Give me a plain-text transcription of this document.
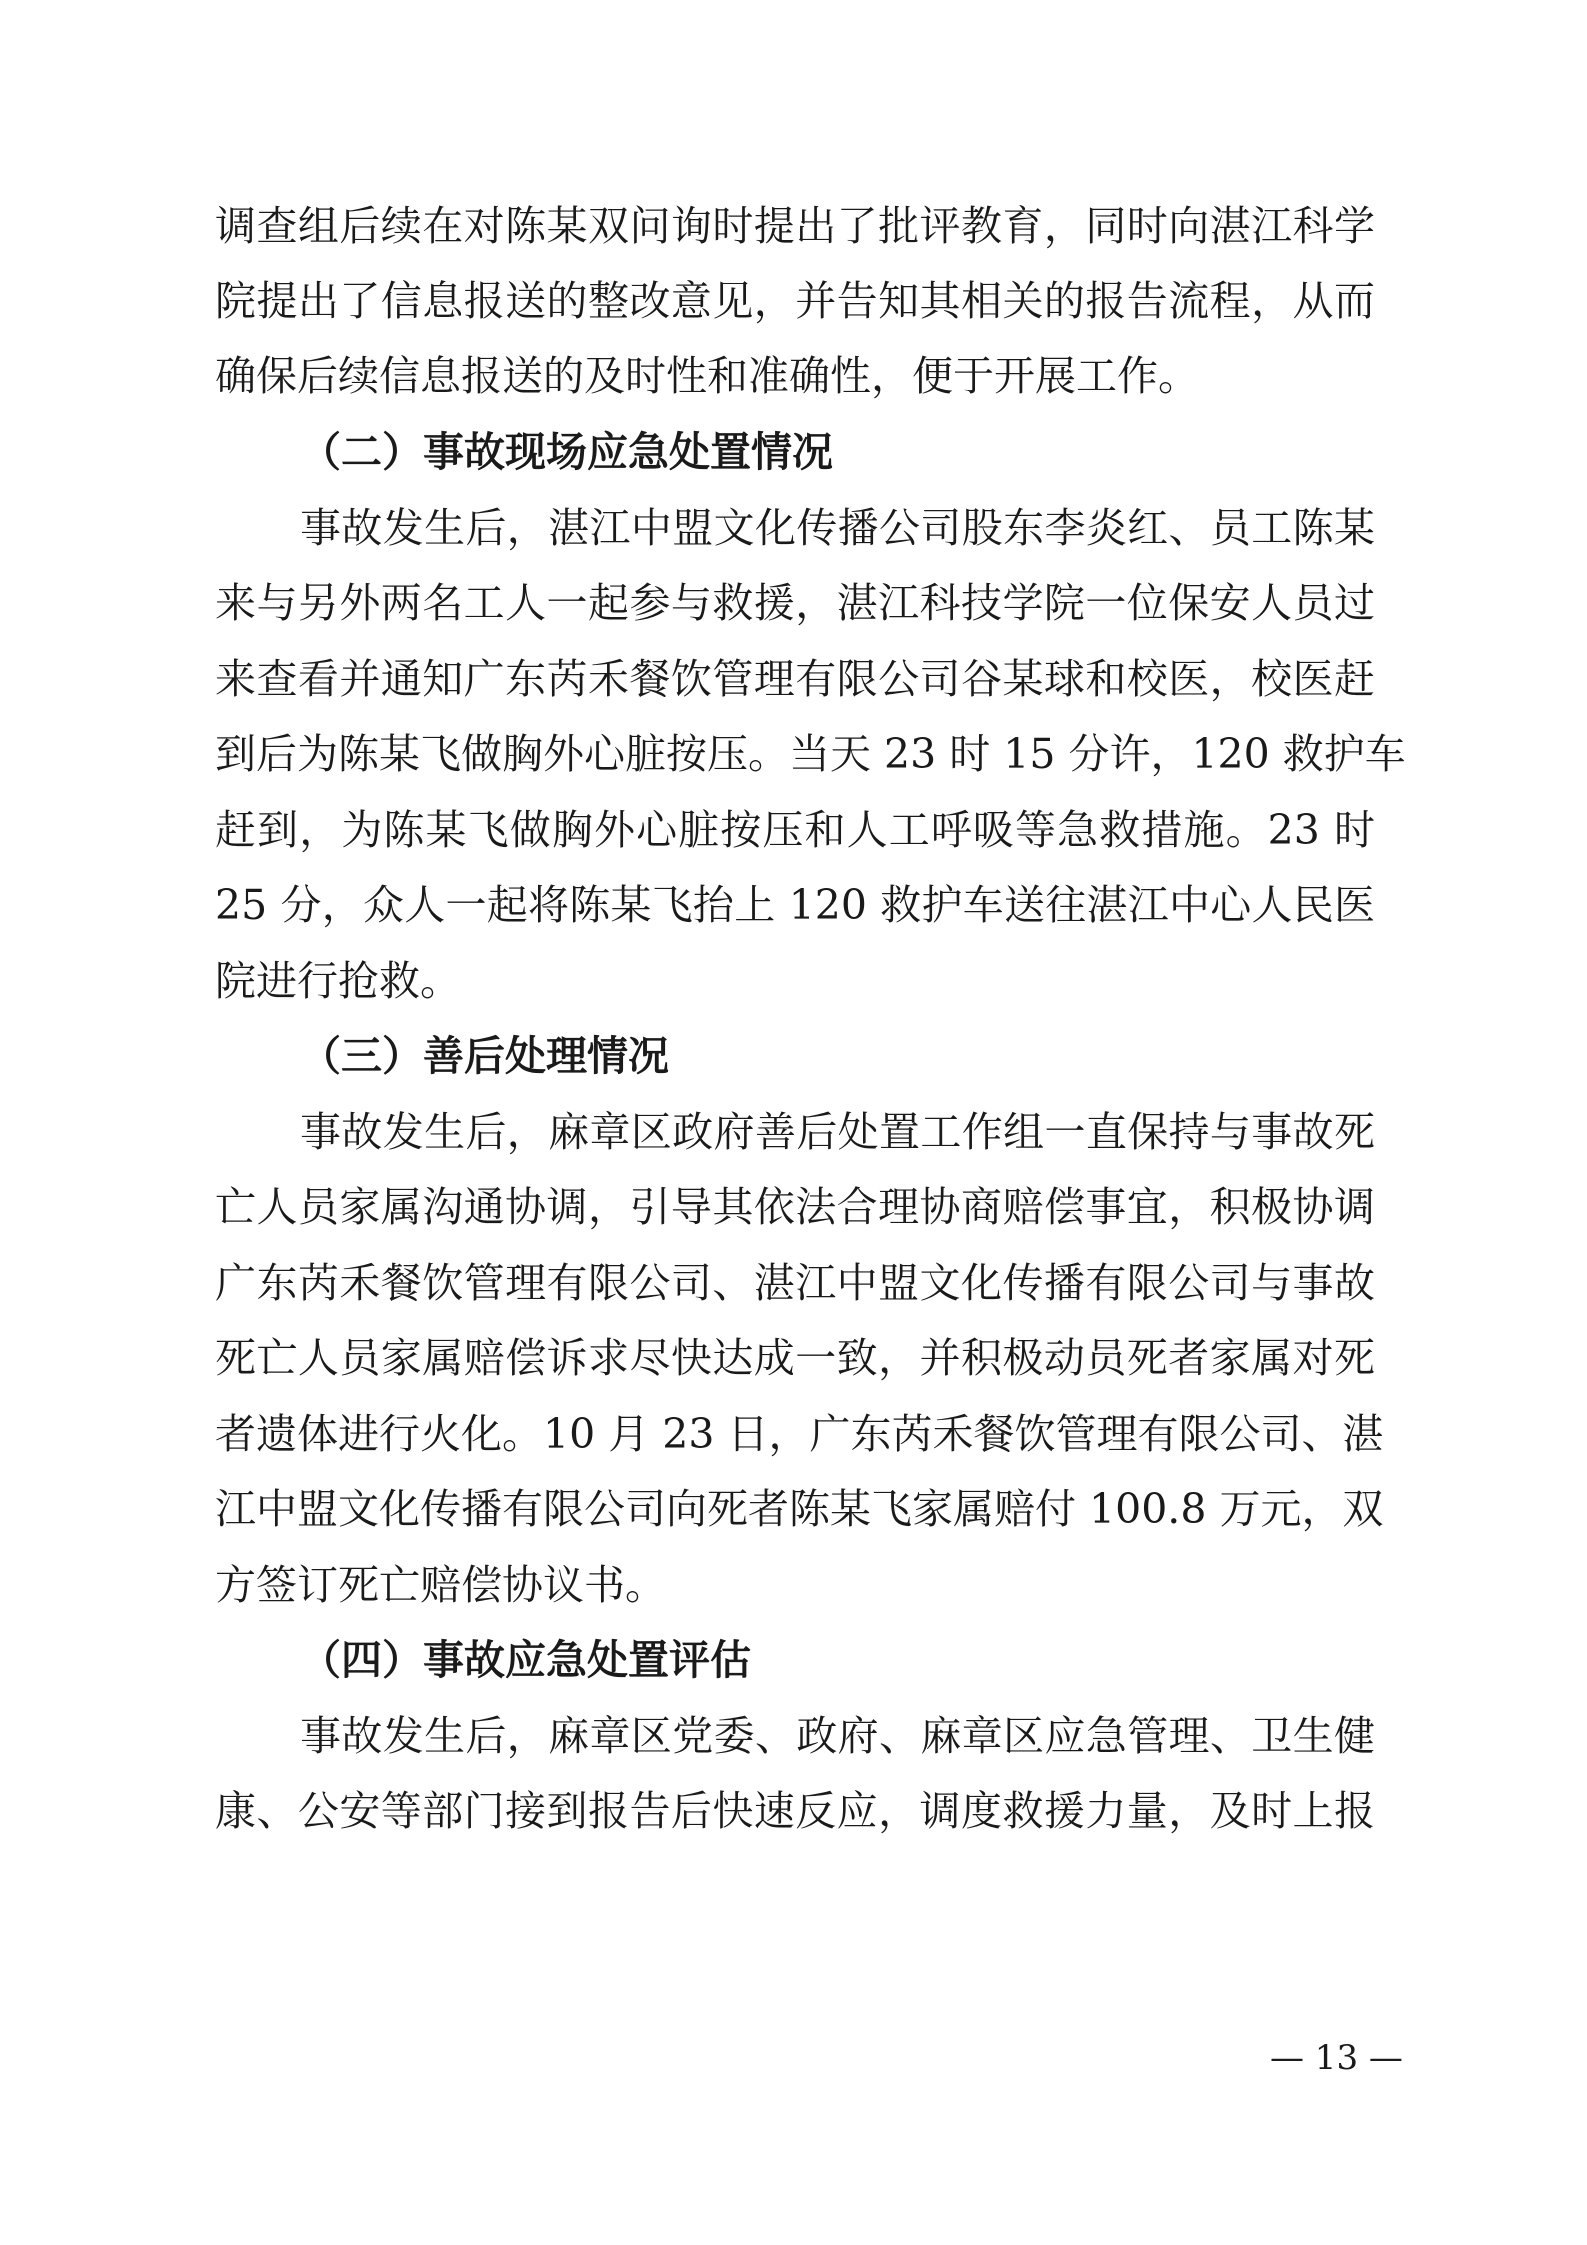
调查组后续在对陈某双问询时提出了批评教育，同时向湛江科学
院提出了信息报送的整改意见，并告知其相关的报告流程，从而
确保后续信息报送的及时性和准确性，便于开展工作。
（二）事故现场应急处置情况
事故发生后，湛江中盟文化传播公司股东李炎红、员工陈某
来与另外两名工人一起参与救援，湛江科技学院一位保安人员过
来查看并通知广东芮禾餐饮管理有限公司谷某球和校医，校医赶
到后为陈某飞做胸外心脏按压。当天 23 时 15 分许，120 救护车
赶到，为陈某飞做胸外心脏按压和人工呼吸等急救措施。23 时
25 分，众人一起将陈某飞抬上 120 救护车送往湛江中心人民医
院进行抢救。
（三）善后处理情况
事故发生后，麻章区政府善后处置工作组一直保持与事故死
亡人员家属沟通协调，引导其依法合理协商赔偿事宜，积极协调
广东芮禾餐饮管理有限公司、湛江中盟文化传播有限公司与事故
死亡人员家属赔偿诉求尽快达成一致，并积极动员死者家属对死
者遗体进行火化。10 月 23 日，广东芮禾餐饮管理有限公司、湛
江中盟文化传播有限公司向死者陈某飞家属赔付 100.8 万元，双
方签订死亡赔偿协议书。
（四）事故应急处置评估
事故发生后，麻章区党委、政府、麻章区应急管理、卫生健
康、公安等部门接到报告后快速反应，调度救援力量，及时上报
— 13 —
